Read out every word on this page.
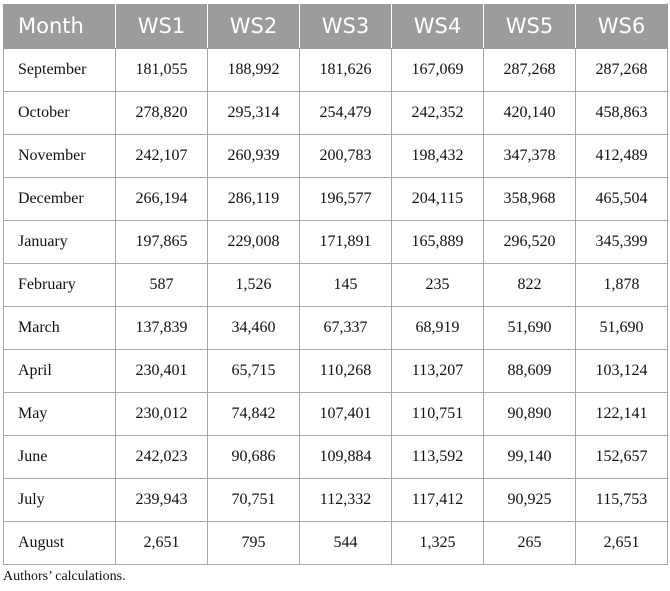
Month	WS1	WS2	WS3	WS4	WS5	WS6
September	181,055	188,992	181,626	167,069	287,268	287,268
October	278,820	295,314	254,479	242,352	420,140	458,863
November	242,107	260,939	200,783	198,432	347,378	412,489
December	266,194	286,119	196,577	204,115	358,968	465,504
January	197,865	229,008	171,891	165,889	296,520	345,399
February	587	1,526	145	235	822	1,878
March	137,839	34,460	67,337	68,919	51,690	51,690
April	230,401	65,715	110,268	113,207	88,609	103,124
May	230,012	74,842	107,401	110,751	90,890	122,141
June	242,023	90,686	109,884	113,592	99,140	152,657
July	239,943	70,751	112,332	117,412	90,925	115,753
August	2,651	795	544	1,325	265	2,651
Authors’ calculations.
